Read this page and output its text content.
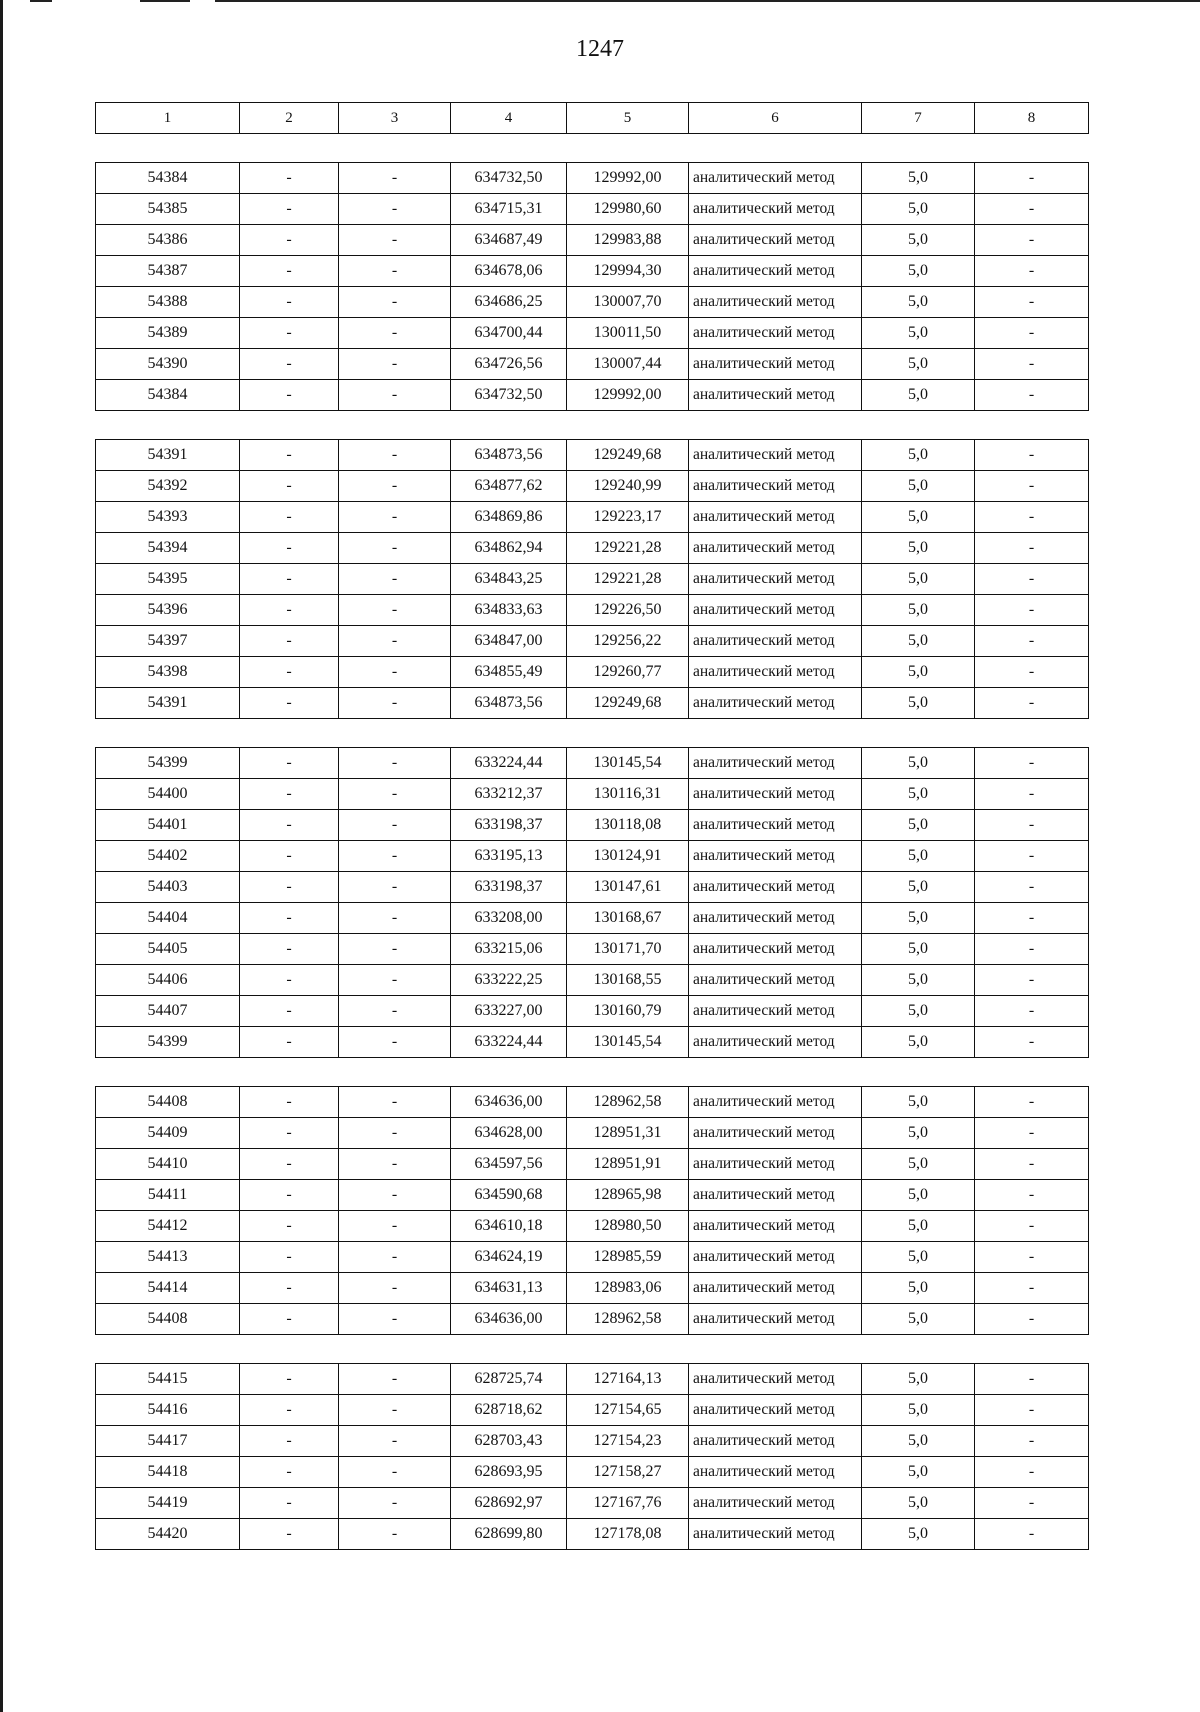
1247
1	2	3	4	5	6	7	8
54384	-	-	634732,50	129992,00	аналитический метод	5,0	-
54385	-	-	634715,31	129980,60	аналитический метод	5,0	-
54386	-	-	634687,49	129983,88	аналитический метод	5,0	-
54387	-	-	634678,06	129994,30	аналитический метод	5,0	-
54388	-	-	634686,25	130007,70	аналитический метод	5,0	-
54389	-	-	634700,44	130011,50	аналитический метод	5,0	-
54390	-	-	634726,56	130007,44	аналитический метод	5,0	-
54384	-	-	634732,50	129992,00	аналитический метод	5,0	-
54391	-	-	634873,56	129249,68	аналитический метод	5,0	-
54392	-	-	634877,62	129240,99	аналитический метод	5,0	-
54393	-	-	634869,86	129223,17	аналитический метод	5,0	-
54394	-	-	634862,94	129221,28	аналитический метод	5,0	-
54395	-	-	634843,25	129221,28	аналитический метод	5,0	-
54396	-	-	634833,63	129226,50	аналитический метод	5,0	-
54397	-	-	634847,00	129256,22	аналитический метод	5,0	-
54398	-	-	634855,49	129260,77	аналитический метод	5,0	-
54391	-	-	634873,56	129249,68	аналитический метод	5,0	-
54399	-	-	633224,44	130145,54	аналитический метод	5,0	-
54400	-	-	633212,37	130116,31	аналитический метод	5,0	-
54401	-	-	633198,37	130118,08	аналитический метод	5,0	-
54402	-	-	633195,13	130124,91	аналитический метод	5,0	-
54403	-	-	633198,37	130147,61	аналитический метод	5,0	-
54404	-	-	633208,00	130168,67	аналитический метод	5,0	-
54405	-	-	633215,06	130171,70	аналитический метод	5,0	-
54406	-	-	633222,25	130168,55	аналитический метод	5,0	-
54407	-	-	633227,00	130160,79	аналитический метод	5,0	-
54399	-	-	633224,44	130145,54	аналитический метод	5,0	-
54408	-	-	634636,00	128962,58	аналитический метод	5,0	-
54409	-	-	634628,00	128951,31	аналитический метод	5,0	-
54410	-	-	634597,56	128951,91	аналитический метод	5,0	-
54411	-	-	634590,68	128965,98	аналитический метод	5,0	-
54412	-	-	634610,18	128980,50	аналитический метод	5,0	-
54413	-	-	634624,19	128985,59	аналитический метод	5,0	-
54414	-	-	634631,13	128983,06	аналитический метод	5,0	-
54408	-	-	634636,00	128962,58	аналитический метод	5,0	-
54415	-	-	628725,74	127164,13	аналитический метод	5,0	-
54416	-	-	628718,62	127154,65	аналитический метод	5,0	-
54417	-	-	628703,43	127154,23	аналитический метод	5,0	-
54418	-	-	628693,95	127158,27	аналитический метод	5,0	-
54419	-	-	628692,97	127167,76	аналитический метод	5,0	-
54420	-	-	628699,80	127178,08	аналитический метод	5,0	-
